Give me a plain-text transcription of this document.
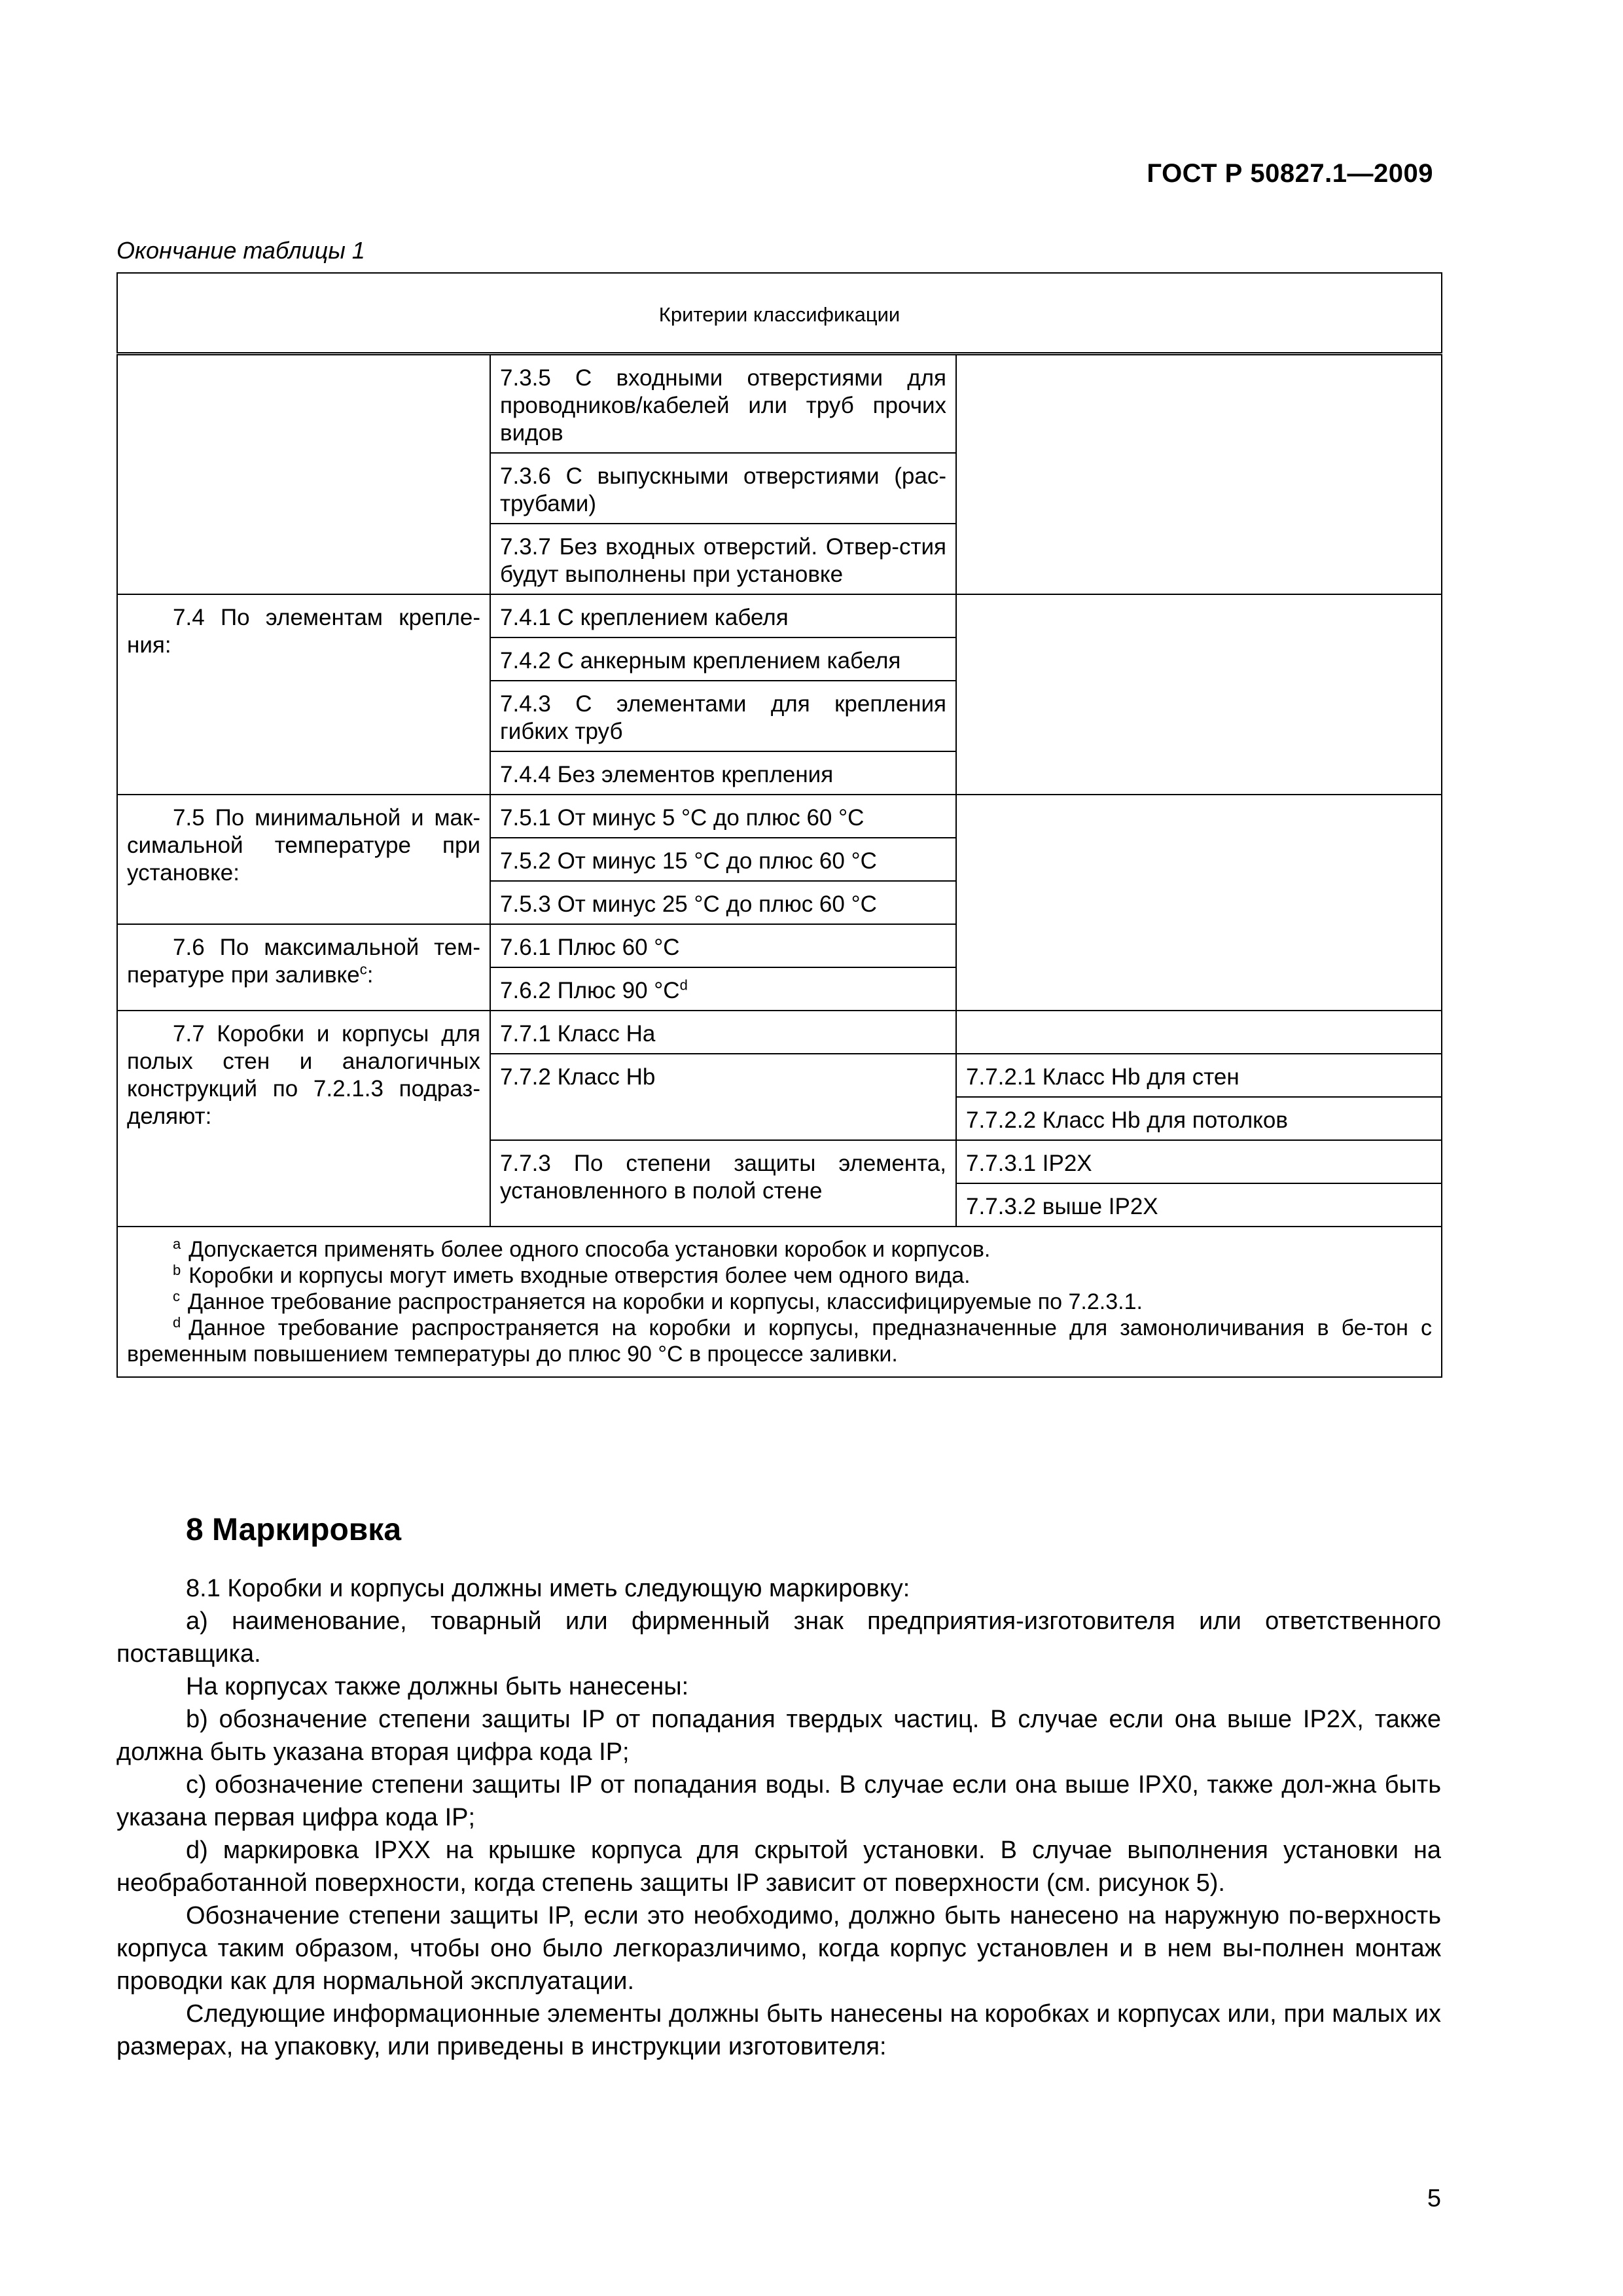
ГОСТ Р 50827.1—2009
Окончание таблицы 1
Критерии классификации		
	7.3.5 С входными отверстиями для проводников/кабелей или труб прочих видов	
	7.3.6 С выпускными отверстиями (рас-трубами)	
	7.3.7 Без входных отверстий. Отвер-стия будут выполнены при установке	
7.4 По элементам крепле-ния:	7.4.1 С креплением кабеля	
	7.4.2 С анкерным креплением кабеля	
	7.4.3 С элементами для крепления гибких труб	
	7.4.4 Без элементов крепления	
7.5 По минимальной и мак-симальной температуре при установке:	7.5.1 От минус 5 °C до плюс 60 °C	
	7.5.2 От минус 15 °C до плюс 60 °C	
	7.5.3 От минус 25 °C до плюс 60 °C	
7.6 По максимальной тем-пературе при заливке$^c$:	7.6.1 Плюс 60 °C	
	7.6.2 Плюс 90 $^\circ C^d$
7.7 Коробки и корпусы для полых стен и аналогичных конструкций по 7.2.1.3 подраз-деляют:	7.7.1 Класс На	
	7.7.2 Класс Hb	7.7.2.1 Класс Hb для стен
		7.7.2.2 Класс Hb для потолков
	7.7.3 По степени защиты элемента, установленного в полой стене	7.7.3.1 IP2X
		7.7.3.2 выше IP2X

$^a$ Допускается применять более одного способа установки коробок и корпусов.
$^b$ Коробки и корпусы могут иметь входные отверстия более чем одного вида.
$^c$ Данное требование распространяется на коробки и корпусы, классифицируемые по 7.2.3.1.
$^d$ Данное требование распространяется на коробки и корпусы, предназначенные для замоноличивания в бе-тон с временным повышением температуры до плюс 90 °C в процессе заливки.		
8 Маркировка

8.1 Коробки и корпусы должны иметь следующую маркировку:

a) наименование, товарный или фирменный знак предприятия-изготовителя или ответственного поставщика.

На корпусах также должны быть нанесены:

b) обозначение степени защиты IP от попадания твердых частиц. В случае если она выше IP2X, также должна быть указана вторая цифра кода IP;

c) обозначение степени защиты IP от попадания воды. В случае если она выше IPX0, также дол-жна быть указана первая цифра кода IP;

d) маркировка IPXX на крышке корпуса для скрытой установки. В случае выполнения установки на необработанной поверхности, когда степень защиты IP зависит от поверхности (см. рисунок 5).

Обозначение степени защиты IP, если это необходимо, должно быть нанесено на наружную по-верхность корпуса таким образом, чтобы оно было легкоразличимо, когда корпус установлен и в нем вы-полнен монтаж проводки как для нормальной эксплуатации.

Следующие информационные элементы должны быть нанесены на коробках и корпусах или, при малых их размерах, на упаковку, или приведены в инструкции изготовителя:

5
